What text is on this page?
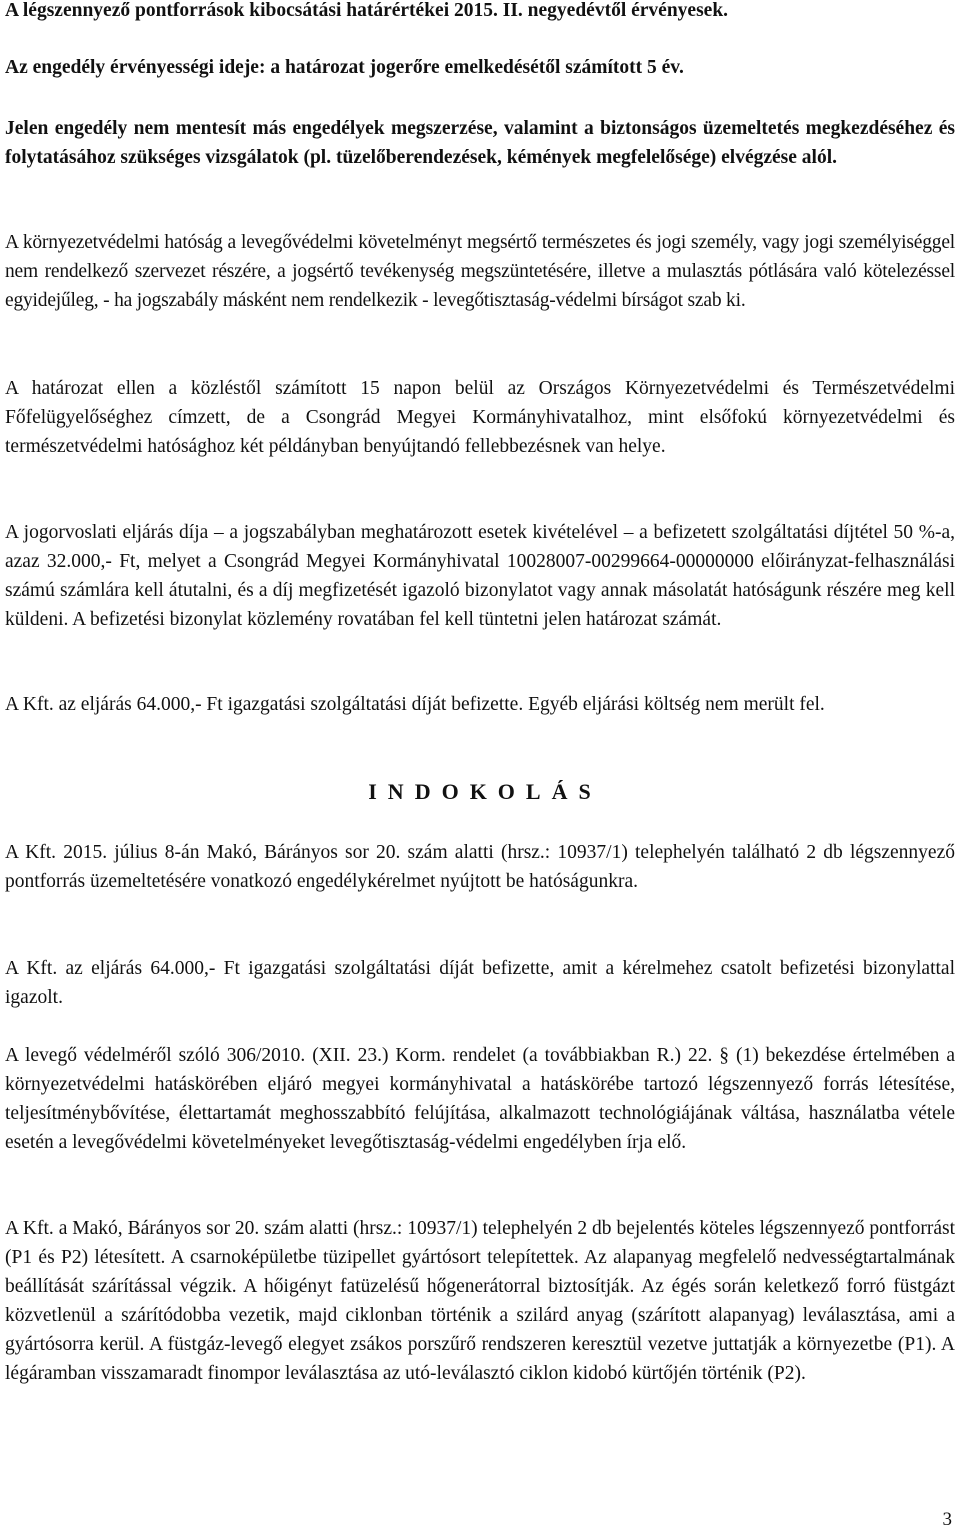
A légszennyező pontforrások kibocsátási határértékei 2015. II. negyedévtől érvényesek.

Az engedély érvényességi ideje: a határozat jogerőre emelkedésétől számított 5 év.

Jelen engedély nem mentesít más engedélyek megszerzése, valamint a biztonságos üzemeltetés megkezdéséhez és folytatásához szükséges vizsgálatok (pl. tüzelőberendezések, kémények megfelelősége) elvégzése alól.

A környezetvédelmi hatóság a levegővédelmi követelményt megsértő természetes és jogi személy, vagy jogi személyiséggel nem rendelkező szervezet részére, a jogsértő tevékenység megszüntetésére, illetve a mulasztás pótlására való kötelezéssel egyidejűleg, - ha jogszabály másként nem rendelkezik - levegőtisztaság-védelmi bírságot szab ki.

A határozat ellen a közléstől számított 15 napon belül az Országos Környezetvédelmi és Természetvédelmi Főfelügyelőséghez címzett, de a Csongrád Megyei Kormányhivatalhoz, mint elsőfokú környezetvédelmi és természetvédelmi hatósághoz két példányban benyújtandó fellebbezésnek van helye.

A jogorvoslati eljárás díja – a jogszabályban meghatározott esetek kivételével – a befizetett szolgáltatási díjtétel 50 %-a, azaz 32.000,- Ft, melyet a Csongrád Megyei Kormányhivatal 10028007-00299664-00000000 előirányzat-felhasználási számú számlára kell átutalni, és a díj megfizetését igazoló bizonylatot vagy annak másolatát hatóságunk részére meg kell küldeni. A befizetési bizonylat közlemény rovatában fel kell tüntetni jelen határozat számát.

A Kft. az eljárás 64.000,- Ft igazgatási szolgáltatási díját befizette. Egyéb eljárási költség nem merült fel.

INDOKOLÁS

A Kft. 2015. július 8-án Makó, Bárányos sor 20. szám alatti (hrsz.: 10937/1) telephelyén található 2 db légszennyező pontforrás üzemeltetésére vonatkozó engedélykérelmet nyújtott be hatóságunkra.

A Kft. az eljárás 64.000,- Ft igazgatási szolgáltatási díját befizette, amit a kérelmehez csatolt befizetési bizonylattal igazolt.

A levegő védelméről szóló 306/2010. (XII. 23.) Korm. rendelet (a továbbiakban R.) 22. § (1) bekezdése értelmében a környezetvédelmi hatáskörében eljáró megyei kormányhivatal a hatáskörébe tartozó légszennyező forrás létesítése, teljesítménybővítése, élettartamát meghosszabbító felújítása, alkalmazott technológiájának váltása, használatba vétele esetén a levegővédelmi követelményeket levegőtisztaság-védelmi engedélyben írja elő.

A Kft. a Makó, Bárányos sor 20. szám alatti (hrsz.: 10937/1) telephelyén 2 db bejelentés köteles légszennyező pontforrást (P1 és P2) létesített. A csarnoképületbe tüzipellet gyártósort telepítettek. Az alapanyag megfelelő nedvességtartalmának beállítását szárítással végzik. A hőigényt fatüzelésű hőgenerátorral biztosítják. Az égés során keletkező forró füstgázt közvetlenül a szárítódobba vezetik, majd ciklonban történik a szilárd anyag (szárított alapanyag) leválasztása, ami a gyártósorra kerül. A füstgáz-levegő elegyet zsákos porszűrő rendszeren keresztül vezetve juttatják a környezetbe (P1). A légáramban visszamaradt finompor leválasztása az utó-leválasztó ciklon kidobó kürtőjén történik (P2).

3
